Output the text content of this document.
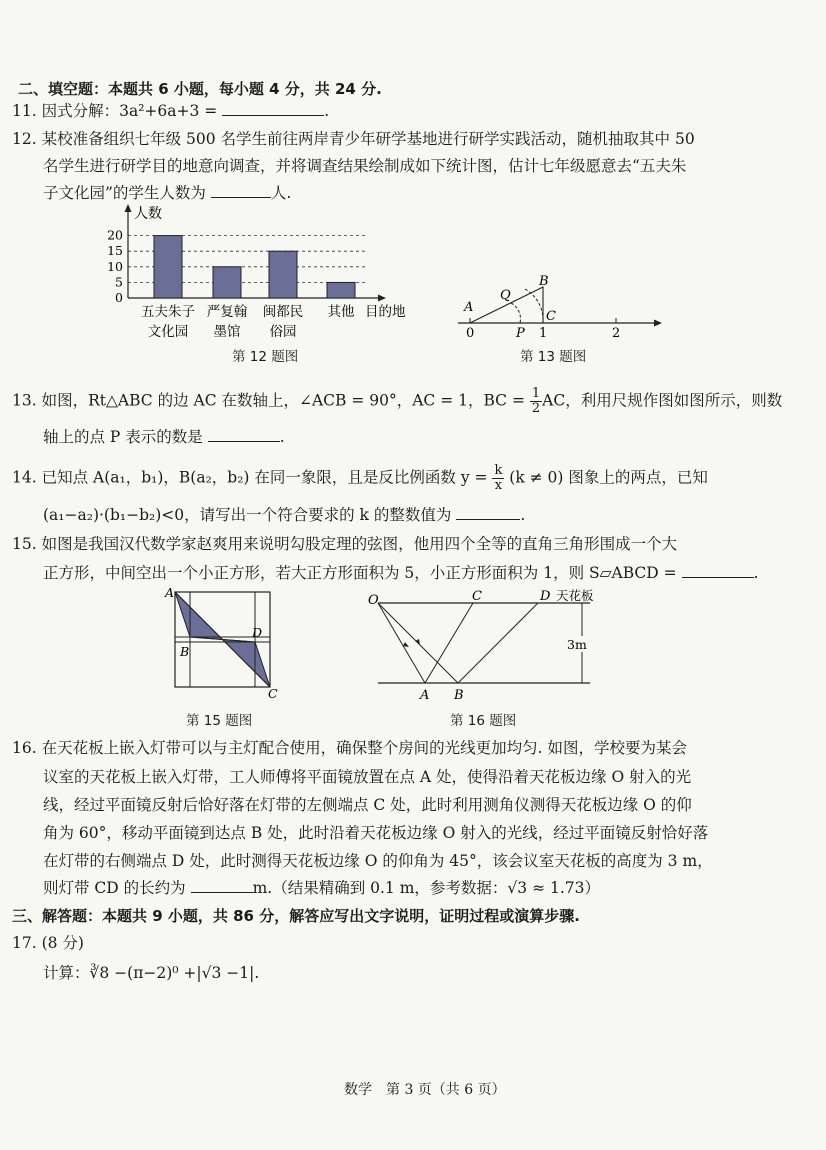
二、填空题：本题共 6 小题，每小题 4 分，共 24 分.
11. 因式分解：3a²+6a+3 =	.
12. 某校准备组织七年级 500 名学生前往两岸青少年研学基地进行研学实践活动，随机抽取其中 50
名学生进行研学目的地意向调查，并将调查结果绘制成如下统计图，估计七年级愿意去“五夫朱
子文化园”的学生人数为	人.
0
5
10
15
20
人数
五夫朱子
文化园
严复翰
墨馆
闽都民
俗园
其他 目的地
第 12 题图
A
B
C
Q
P
0	1	2
第 13 题图
13. 如图，Rt△ABC 的边 AC 在数轴上，∠ACB = 90°，AC = 1，BC = $\frac{1}{2}$ AC，利用尺规作图如图所示，则数
轴上的点 P 表示的数是	.
14. 已知点 A(a₁，b₁)，B(a₂，b₂) 在同一象限，且是反比例函数 $y = \frac{k}{x} (k \ne 0)$ 图象上的两点，已知
(a₁−a₂)·(b₁−b₂)<0，请写出一个符合要求的 k 的整数值为	.
15. 如图是我国汉代数学家赵爽用来说明勾股定理的弦图，他用四个全等的直角三角形围成一个大
正方形，中间空出一个小正方形，若大正方形面积为 5，小正方形面积为 1，则 S▱ABCD =	.
A
B
C
D
第 15 题图
O	C	D 天花板
A B
3m
第 16 题图
16. 在天花板上嵌入灯带可以与主灯配合使用，确保整个房间的光线更加均匀. 如图，学校要为某会
议室的天花板上嵌入灯带，工人师傅将平面镜放置在点 A 处，使得沿着天花板边缘 O 射入的光
线，经过平面镜反射后恰好落在灯带的左侧端点 C 处，此时利用测角仪测得天花板边缘 O 的仰
角为 60°，移动平面镜到达点 B 处，此时沿着天花板边缘 O 射入的光线，经过平面镜反射恰好落
在灯带的右侧端点 D 处，此时测得天花板边缘 O 的仰角为 45°，该会议室天花板的高度为 3 m，
则灯带 CD 的长约为	m.（结果精确到 0.1 m，参考数据：√3 ≈ 1.73）
三、解答题：本题共 9 小题，共 86 分，解答应写出文字说明，证明过程或演算步骤.
17. (8 分)
计算：∛8 −(π−2)⁰ +|√3 −1|.
数学　第 3 页（共 6 页）
